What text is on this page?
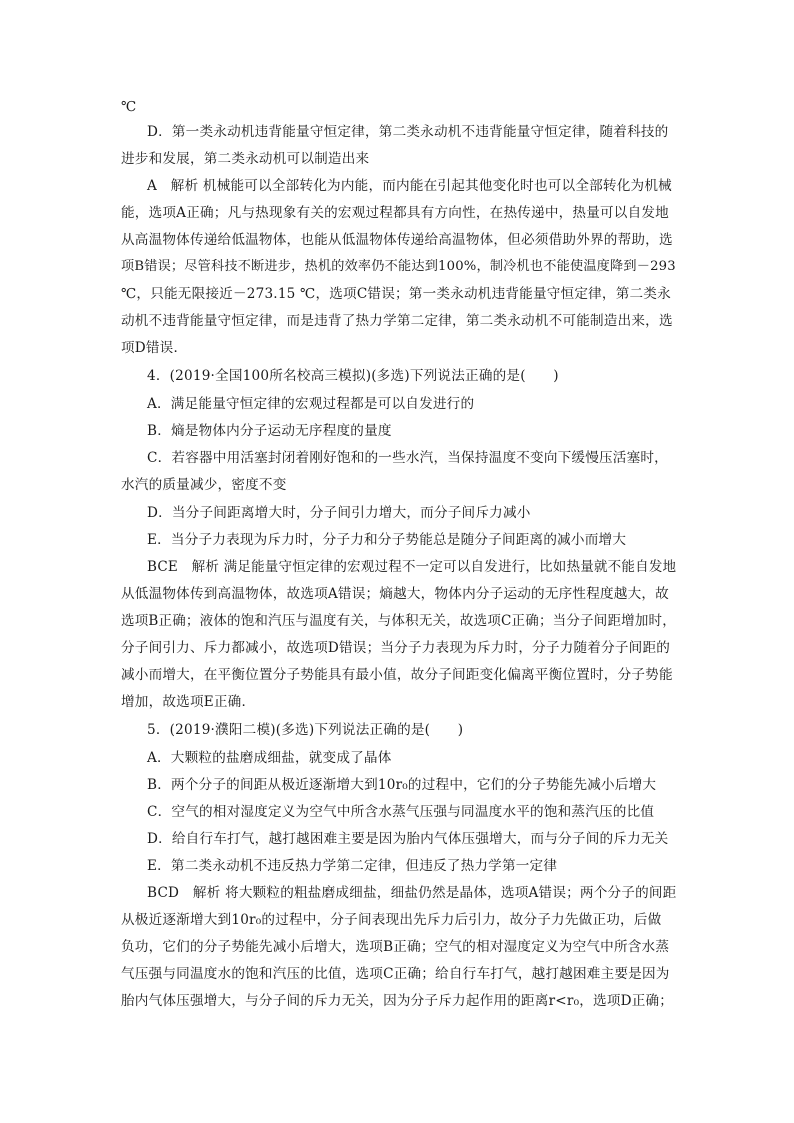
℃
D．第一类永动机违背能量守恒定律，第二类永动机不违背能量守恒定律，随着科技的
进步和发展，第二类永动机可以制造出来
A　解析 机械能可以全部转化为内能，而内能在引起其他变化时也可以全部转化为机械
能，选项A正确；凡与热现象有关的宏观过程都具有方向性，在热传递中，热量可以自发地
从高温物体传递给低温物体，也能从低温物体传递给高温物体，但必须借助外界的帮助，选
项B错误；尽管科技不断进步，热机的效率仍不能达到100%，制冷机也不能使温度降到－293
℃，只能无限接近－273.15 ℃，选项C错误；第一类永动机违背能量守恒定律，第二类永
动机不违背能量守恒定律，而是违背了热力学第二定律，第二类永动机不可能制造出来，选
项D错误．
4．(2019·全国100所名校高三模拟)(多选)下列说法正确的是(　　)
A．满足能量守恒定律的宏观过程都是可以自发进行的
B．熵是物体内分子运动无序程度的量度
C．若容器中用活塞封闭着刚好饱和的一些水汽，当保持温度不变向下缓慢压活塞时，
水汽的质量减少，密度不变
D．当分子间距离增大时，分子间引力增大，而分子间斥力减小
E．当分子力表现为斥力时，分子力和分子势能总是随分子间距离的减小而增大
BCE　解析 满足能量守恒定律的宏观过程不一定可以自发进行，比如热量就不能自发地
从低温物体传到高温物体，故选项A错误；熵越大，物体内分子运动的无序性程度越大，故
选项B正确；液体的饱和汽压与温度有关，与体积无关，故选项C正确；当分子间距增加时，
分子间引力、斥力都减小，故选项D错误；当分子力表现为斥力时，分子力随着分子间距的
减小而增大，在平衡位置分子势能具有最小值，故分子间距变化偏离平衡位置时，分子势能
增加，故选项E正确．
5．(2019·濮阳二模)(多选)下列说法正确的是(　　)
A．大颗粒的盐磨成细盐，就变成了晶体
B．两个分子的间距从极近逐渐增大到10r₀的过程中，它们的分子势能先减小后增大
C．空气的相对湿度定义为空气中所含水蒸气压强与同温度水平的饱和蒸汽压的比值
D．给自行车打气，越打越困难主要是因为胎内气体压强增大，而与分子间的斥力无关
E．第二类永动机不违反热力学第二定律，但违反了热力学第一定律
BCD　解析 将大颗粒的粗盐磨成细盐，细盐仍然是晶体，选项A错误；两个分子的间距
从极近逐渐增大到10r₀的过程中，分子间表现出先斥力后引力，故分子力先做正功，后做
负功，它们的分子势能先减小后增大，选项B正确；空气的相对湿度定义为空气中所含水蒸
气压强与同温度水的饱和汽压的比值，选项C正确；给自行车打气，越打越困难主要是因为
胎内气体压强增大，与分子间的斥力无关，因为分子斥力起作用的距离r<r₀，选项D正确；
